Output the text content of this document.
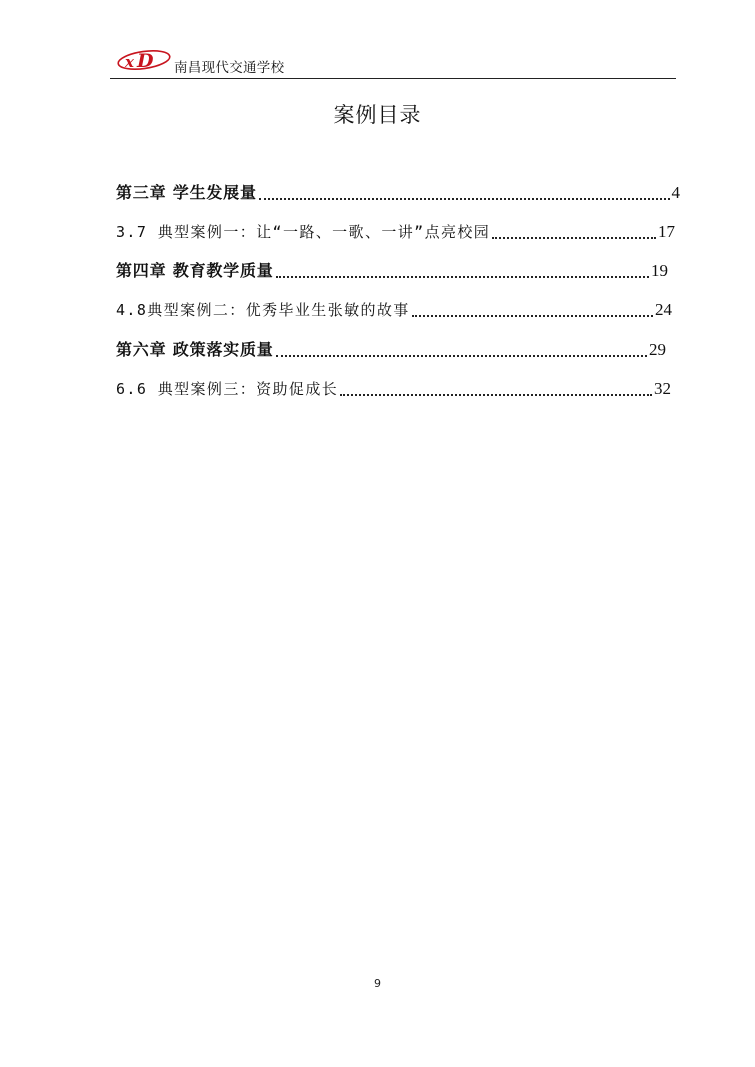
x D 南昌现代交通学校
案例目录
第三章 学生发展量	4
3.7 典型案例一：让“一路、一歌、一讲”点亮校园	17
第四章 教育教学质量	19
4.8典型案例二：优秀毕业生张敏的故事	24
第六章 政策落实质量	29
6.6 典型案例三：资助促成长	32
9
